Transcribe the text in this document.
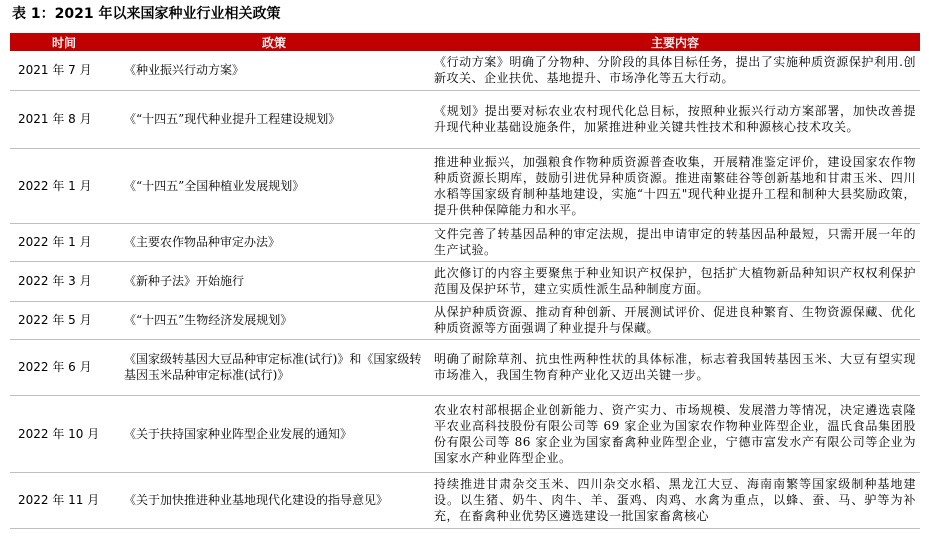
表 1：2021 年以来国家种业行业相关政策
时间	政策	主要内容
2021 年 7 月	《种业振兴行动方案》	《行动方案》明确了分物种、分阶段的具体目标任务，提出了实施种质资源保护利用.创新攻关、企业扶优、基地提升、市场净化等五大行动。
2021 年 8 月	《“十四五”现代种业提升工程建设规划》	《规划》提出要对标农业农村现代化总目标，按照种业振兴行动方案部署，加快改善提升现代种业基础设施条件，加紧推进种业关键共性技术和种源核心技术攻关。
2022 年 1 月	《“十四五”全国种植业发展规划》	推进种业振兴，加强粮食作物种质资源普查收集，开展精准鉴定评价，建设国家农作物种质资源长期库，鼓励引进优异种质资源。推进南繁硅谷等创新基地和甘肃玉米、四川水稻等国家级育制种基地建设，实施“十四五"现代种业提升工程和制种大县奖励政策，提升供种保障能力和水平。
2022 年 1 月	《主要农作物品种审定办法》	文件完善了转基因品种的审定法规，提出申请审定的转基因品种最短，只需开展一年的生产试验。
2022 年 3 月	《新种子法》开始施行	此次修订的内容主要聚焦于种业知识产权保护，包括扩大植物新品种知识产权权利保护范围及保护环节，建立实质性派生品种制度方面。
2022 年 5 月	《“十四五”生物经济发展规划》	从保护种质资源、推动育种创新、开展测试评价、促进良种繁育、生物资源保藏、优化种质资源等方面强调了种业提升与保藏。
2022 年 6 月	《国家级转基因大豆品种审定标准(试行)》和《国家级转基因玉米品种审定标准(试行)》	明确了耐除草剂、抗虫性两种性状的具体标准，标志着我国转基因玉米、大豆有望实现市场准入，我国生物育种产业化又迈出关键一步。
2022 年 10 月	《关于扶持国家种业阵型企业发展的通知》	农业农村部根据企业创新能力、资产实力、市场规模、发展潜力等情况，决定遴选袁隆平农业高科技股份有限公司等 69 家企业为国家农作物种业阵型企业，温氏食品集团股份有限公司等 86 家企业为国家畜禽种业阵型企业，宁德市富发水产有限公司等企业为国家水产种业阵型企业。
2022 年 11 月	《关于加快推进种业基地现代化建设的指导意见》	持续推进甘肃杂交玉米、四川杂交水稻、黑龙江大豆、海南南繁等国家级制种基地建设。以生猪、奶牛、肉牛、羊、蛋鸡、肉鸡、水禽为重点，以蜂、蚕、马、驴等为补充，在畜禽种业优势区遴选建设一批国家畜禽核心
